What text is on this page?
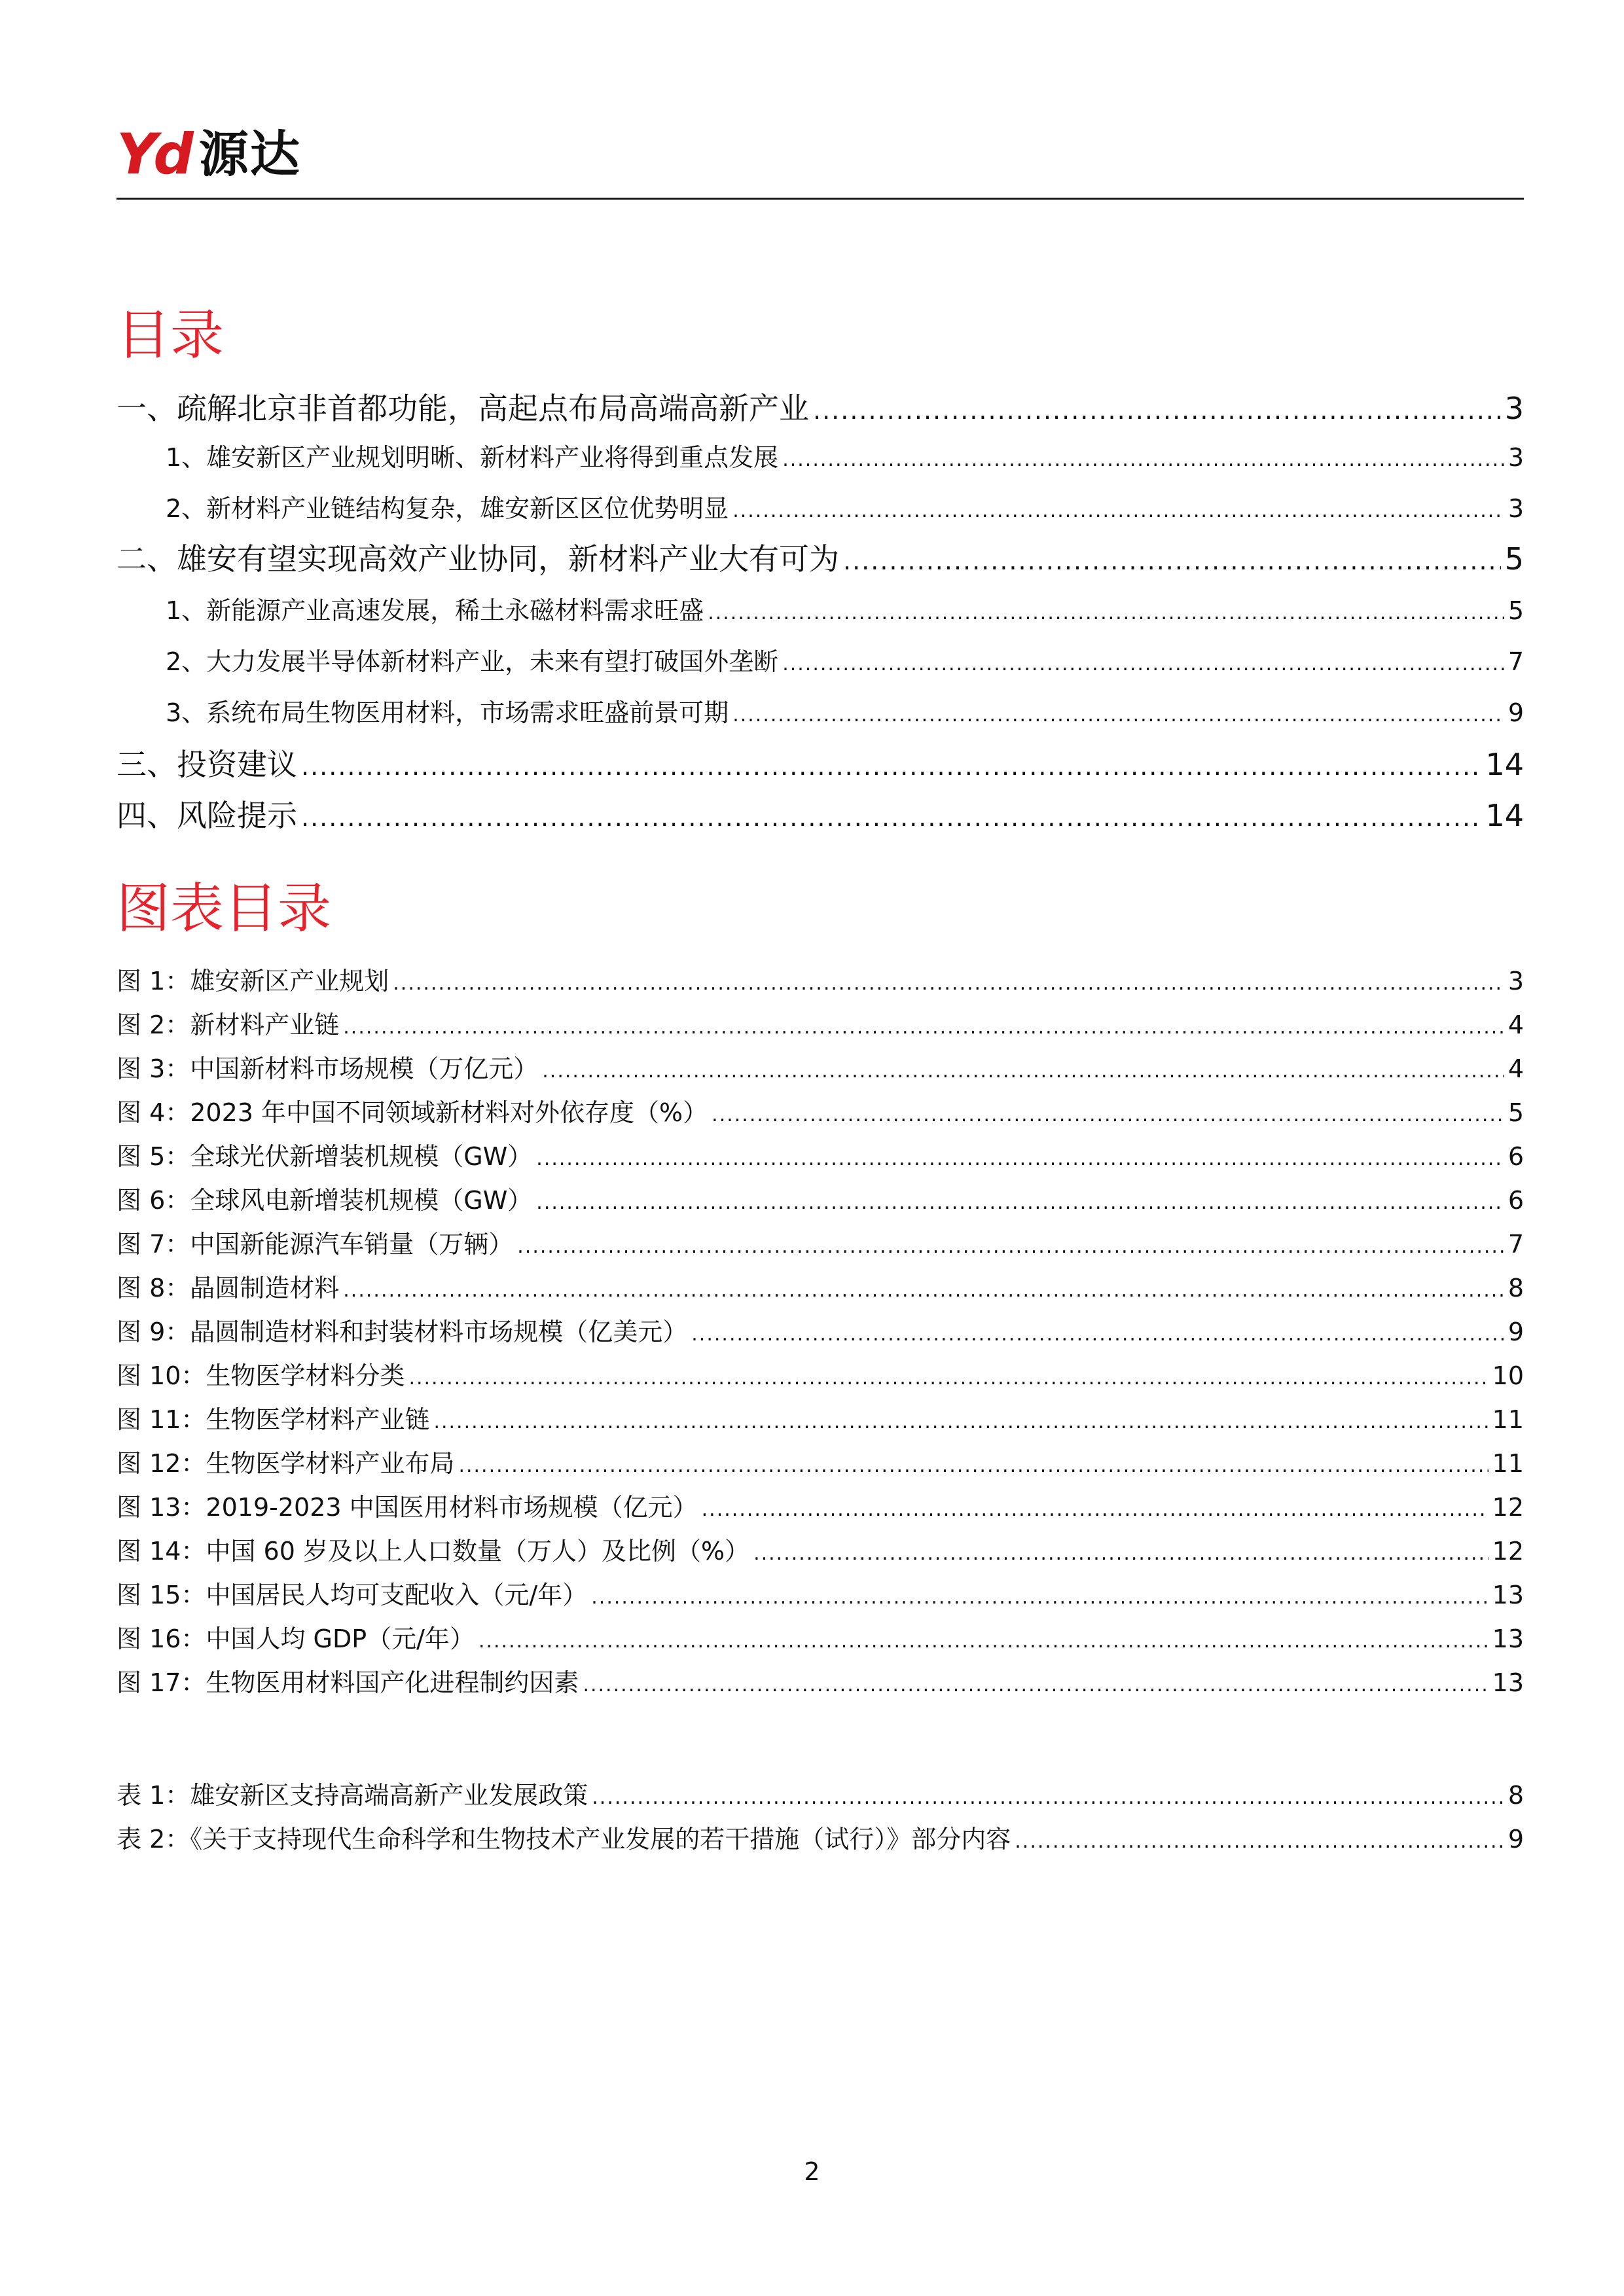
Yd 源达
目录
一、疏解北京非首都功能，高起点布局高端高新产业 .....	3
1、雄安新区产业规划明晰、新材料产业将得到重点发展 .....	3
2、新材料产业链结构复杂，雄安新区区位优势明显 .....	3
二、雄安有望实现高效产业协同，新材料产业大有可为 .....	5
1、新能源产业高速发展，稀土永磁材料需求旺盛 .....	5
2、大力发展半导体新材料产业，未来有望打破国外垄断 .....	7
3、系统布局生物医用材料，市场需求旺盛前景可期 .....	9
三、投资建议 .....	14
四、风险提示 .....	14
图表目录
图 1：雄安新区产业规划 .....	3
图 2：新材料产业链 .....	4
图 3：中国新材料市场规模（万亿元） .....	4
图 4：2023 年中国不同领域新材料对外依存度（%） .....	5
图 5：全球光伏新增装机规模（GW） .....	6
图 6：全球风电新增装机规模（GW） .....	6
图 7：中国新能源汽车销量（万辆） .....	7
图 8：晶圆制造材料 .....	8
图 9：晶圆制造材料和封装材料市场规模（亿美元） .....	9
图 10：生物医学材料分类 .....	10
图 11：生物医学材料产业链 .....	11
图 12：生物医学材料产业布局 .....	11
图 13：2019-2023 中国医用材料市场规模（亿元） .....	12
图 14：中国 60 岁及以上人口数量（万人）及比例（%） .....	12
图 15：中国居民人均可支配收入（元/年） .....	13
图 16：中国人均 GDP（元/年） .....	13
图 17：生物医用材料国产化进程制约因素 .....	13
表 1：雄安新区支持高端高新产业发展政策 .....	8
表 2：《关于支持现代生命科学和生物技术产业发展的若干措施（试行）》部分内容 .....	9
2
